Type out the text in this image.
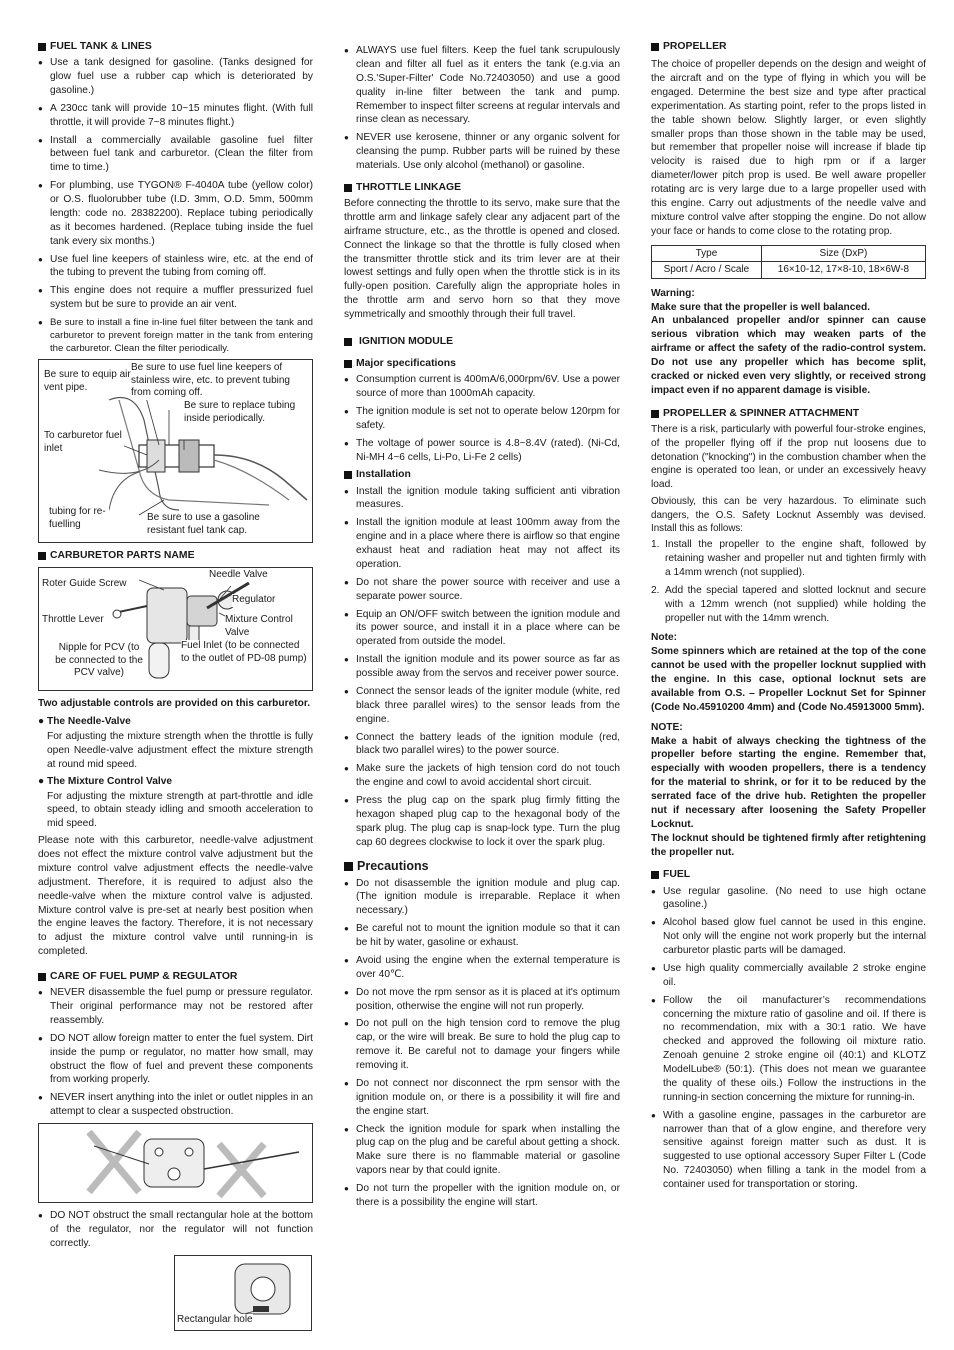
FUEL TANK & LINES
● Use a tank designed for gasoline. (Tanks designed for glow fuel use a rubber cap which is deteriorated by gasoline.)
● A 230cc tank will provide 10~15 minutes flight. (With full throttle, it will provide 7~8 minutes flight.)
● Install a commercially available gasoline fuel filter between fuel tank and carburetor. (Clean the filter from time to time.)
● For plumbing, use TYGON® F-4040A tube (yellow color) or O.S. fluolorubber tube (I.D. 3mm, O.D. 5mm, 500mm length: code no. 28382200). Replace tubing periodically as it becomes hardened. (Replace tubing inside the fuel tank every six months.)
● Use fuel line keepers of stainless wire, etc. at the end of the tubing to prevent the tubing from coming off.
● This engine does not require a muffler pressurized fuel system but be sure to provide an air vent.
● Be sure to install a fine in-line fuel filter between the tank and carburetor to prevent foreign matter in the tank from entering the carburetor. Clean the filter periodically.
Be sure to equip air vent pipe.
Be sure to use fuel line keepers of stainless wire, etc. to prevent tubing from coming off.
Be sure to replace tubing inside periodically.
To carburetor fuel inlet
tubing for re-fuelling
Be sure to use a gasoline resistant fuel tank cap.
CARBURETOR PARTS NAME
Needle Valve
Roter Guide Screw
Regulator
Throttle Lever	Mixture Control Valve
Nipple for PCV (to be connected to the PCV valve)
Fuel Inlet (to be connected to the outlet of PD-08 pump)

Two adjustable controls are provided on this carburetor.

● The Needle-Valve

For adjusting the mixture strength when the throttle is fully open Needle-valve adjustment effect the mixture strength at round mid speed.

● The Mixture Control Valve

For adjusting the mixture strength at part-throttle and idle speed, to obtain steady idling and smooth acceleration to mid speed.

Please note with this carburetor, needle-valve adjustment does not effect the mixture control valve adjustment but the mixture control valve adjustment effects the needle-valve adjustment. Therefore, it is required to adjust also the needle-valve when the mixture control valve is adjusted. Mixture control valve is pre-set at nearly best position when the engine leaves the factory. Therefore, it is not necessary to adjust the mixture control valve until running-in is completed.

CARE OF FUEL PUMP & REGULATOR
● NEVER disassemble the fuel pump or pressure regulator. Their original performance may not be restored after reassembly.
● DO NOT allow foreign matter to enter the fuel system. Dirt inside the pump or regulator, no matter how small, may obstruct the flow of fuel and prevent these components from working properly.
● NEVER insert anything into the inlet or outlet nipples in an attempt to clear a suspected obstruction.
● DO NOT obstruct the small rectangular hole at the bottom of the regulator, nor the regulator will not function correctly.
Rectangular hole
● ALWAYS use fuel filters. Keep the fuel tank scrupulously clean and filter all fuel as it enters the tank (e.g.via an O.S.'Super-Filter' Code No.72403050) and use a good quality in-line filter between the tank and pump. Remember to inspect filter screens at regular intervals and rinse clean as necessary.
● NEVER use kerosene, thinner or any organic solvent for cleansing the pump. Rubber parts will be ruined by these materials. Use only alcohol (methanol) or gasoline.
THROTTLE LINKAGE

Before connecting the throttle to its servo, make sure that the throttle arm and linkage safely clear any adjacent part of the airframe structure, etc., as the throttle is opened and closed. Connect the linkage so that the throttle is fully closed when the transmitter throttle stick and its trim lever are at their lowest settings and fully open when the throttle stick is in its fully-open position. Carefully align the appropriate holes in the throttle arm and servo horn so that they move symmetrically and smoothly through their full travel.

IGNITION MODULE
Major specifications
● Consumption current is 400mA/6,000rpm/6V. Use a power source of more than 1000mAh capacity.
● The ignition module is set not to operate below 120rpm for safety.
● The voltage of power source is 4.8~8.4V (rated). (Ni-Cd, Ni-MH 4~6 cells, Li-Po, Li-Fe 2 cells)
Installation
● Install the ignition module taking sufficient anti vibration measures.
● Install the ignition module at least 100mm away from the engine and in a place where there is airflow so that engine exhaust heat and radiation heat may not affect its operation.
● Do not share the power source with receiver and use a separate power source.
● Equip an ON/OFF switch between the ignition module and its power source, and install it in a place where can be operated from outside the model.
● Install the ignition module and its power source as far as possible away from the servos and receiver power source.
● Connect the sensor leads of the igniter module (white, red black three parallel wires) to the sensor leads from the engine.
● Connect the battery leads of the ignition module (red, black two parallel wires) to the power source.
● Make sure the jackets of high tension cord do not touch the engine and cowl to avoid accidental short circuit.
● Press the plug cap on the spark plug firmly fitting the hexagon shaped plug cap to the hexagonal body of the spark plug. The plug cap is snap-lock type. Turn the plug cap 60 degrees clockwise to lock it over the spark plug.
Precautions
● Do not disassemble the ignition module and plug cap. (The ignition module is irreparable. Replace it when necessary.)
● Be careful not to mount the ignition module so that it can be hit by water, gasoline or exhaust.
● Avoid using the engine when the external temperature is over 40℃.
● Do not move the rpm sensor as it is placed at it's optimum position, otherwise the engine will not run properly.
● Do not pull on the high tension cord to remove the plug cap, or the wire will break. Be sure to hold the plug cap to remove it. Be careful not to damage your fingers while removing it.
● Do not connect nor disconnect the rpm sensor with the ignition module on, or there is a possibility it will fire and the engine start.
● Check the ignition module for spark when installing the plug cap on the plug and be careful about getting a shock. Make sure there is no flammable material or gasoline vapors near by that could ignite.
● Do not turn the propeller with the ignition module on, or there is a possibility the engine will start.
PROPELLER

The choice of propeller depends on the design and weight of the aircraft and on the type of flying in which you will be engaged. Determine the best size and type after practical experimentation. As starting point, refer to the props listed in the table shown below. Slightly larger, or even slightly smaller props than those shown in the table may be used, but remember that propeller noise will increase if blade tip velocity is raised due to high rpm or if a larger diameter/lower pitch prop is used. Be well aware propeller rotating arc is very large due to a large propeller used with this engine. Carry out adjustments of the needle valve and mixture control valve after stopping the engine. Do not allow your face or hands to come close to the rotating prop.

Type	Size (DxP)
Sport / Acro / Scale	16×10-12, 17×8-10, 18×6W-8

Warning:

Make sure that the propeller is well balanced.

An unbalanced propeller and/or spinner can cause serious vibration which may weaken parts of the airframe or affect the safety of the radio-control system. Do not use any propeller which has become split, cracked or nicked even very slightly, or received strong impact even if no apparent damage is visible.

PROPELLER & SPINNER ATTACHMENT

There is a risk, particularly with powerful four-stroke engines, of the propeller flying off if the prop nut loosens due to detonation ("knocking") in the combustion chamber when the engine is operated too lean, or under an excessively heavy load.

Obviously, this can be very hazardous. To eliminate such dangers, the O.S. Safety Locknut Assembly was devised. Install this as follows:

1. Install the propeller to the engine shaft, followed by retaining washer and propeller nut and tighten firmly with a 14mm wrench (not supplied).
2. Add the special tapered and slotted locknut and secure with a 12mm wrench (not supplied) while holding the propeller nut with the 14mm wrench.

Note:

Some spinners which are retained at the top of the cone cannot be used with the propeller locknut supplied with the engine. In this case, optional locknut sets are available from O.S. – Propeller Locknut Set for Spinner (Code No.45910200 4mm) and (Code No.45913000 5mm).

NOTE:

Make a habit of always checking the tightness of the propeller before starting the engine. Remember that, especially with wooden propellers, there is a tendency for the material to shrink, or for it to be reduced by the serrated face of the drive hub. Retighten the propeller nut if necessary after loosening the Safety Propeller Locknut.

The locknut should be tightened firmly after retightening the propeller nut.

FUEL
● Use regular gasoline. (No need to use high octane gasoline.)
● Alcohol based glow fuel cannot be used in this engine. Not only will the engine not work properly but the internal carburetor plastic parts will be damaged.
● Use high quality commercially available 2 stroke engine oil.
● Follow the oil manufacturer’s recommendations concerning the mixture ratio of gasoline and oil. If there is no recommendation, mix with a 30:1 ratio. We have checked and approved the following oil mixture ratio. Zenoah genuine 2 stroke engine oil (40:1) and KLOTZ ModelLube® (50:1). (This does not mean we guarantee the quality of these oils.) Follow the instructions in the running-in section concerning the mixture for running-in.
● With a gasoline engine, passages in the carburetor are narrower than that of a glow engine, and therefore very sensitive against foreign matter such as dust. It is suggested to use optional accessory Super Filter L (Code No. 72403050) when filling a tank in the model from a container used for transportation or storing.
